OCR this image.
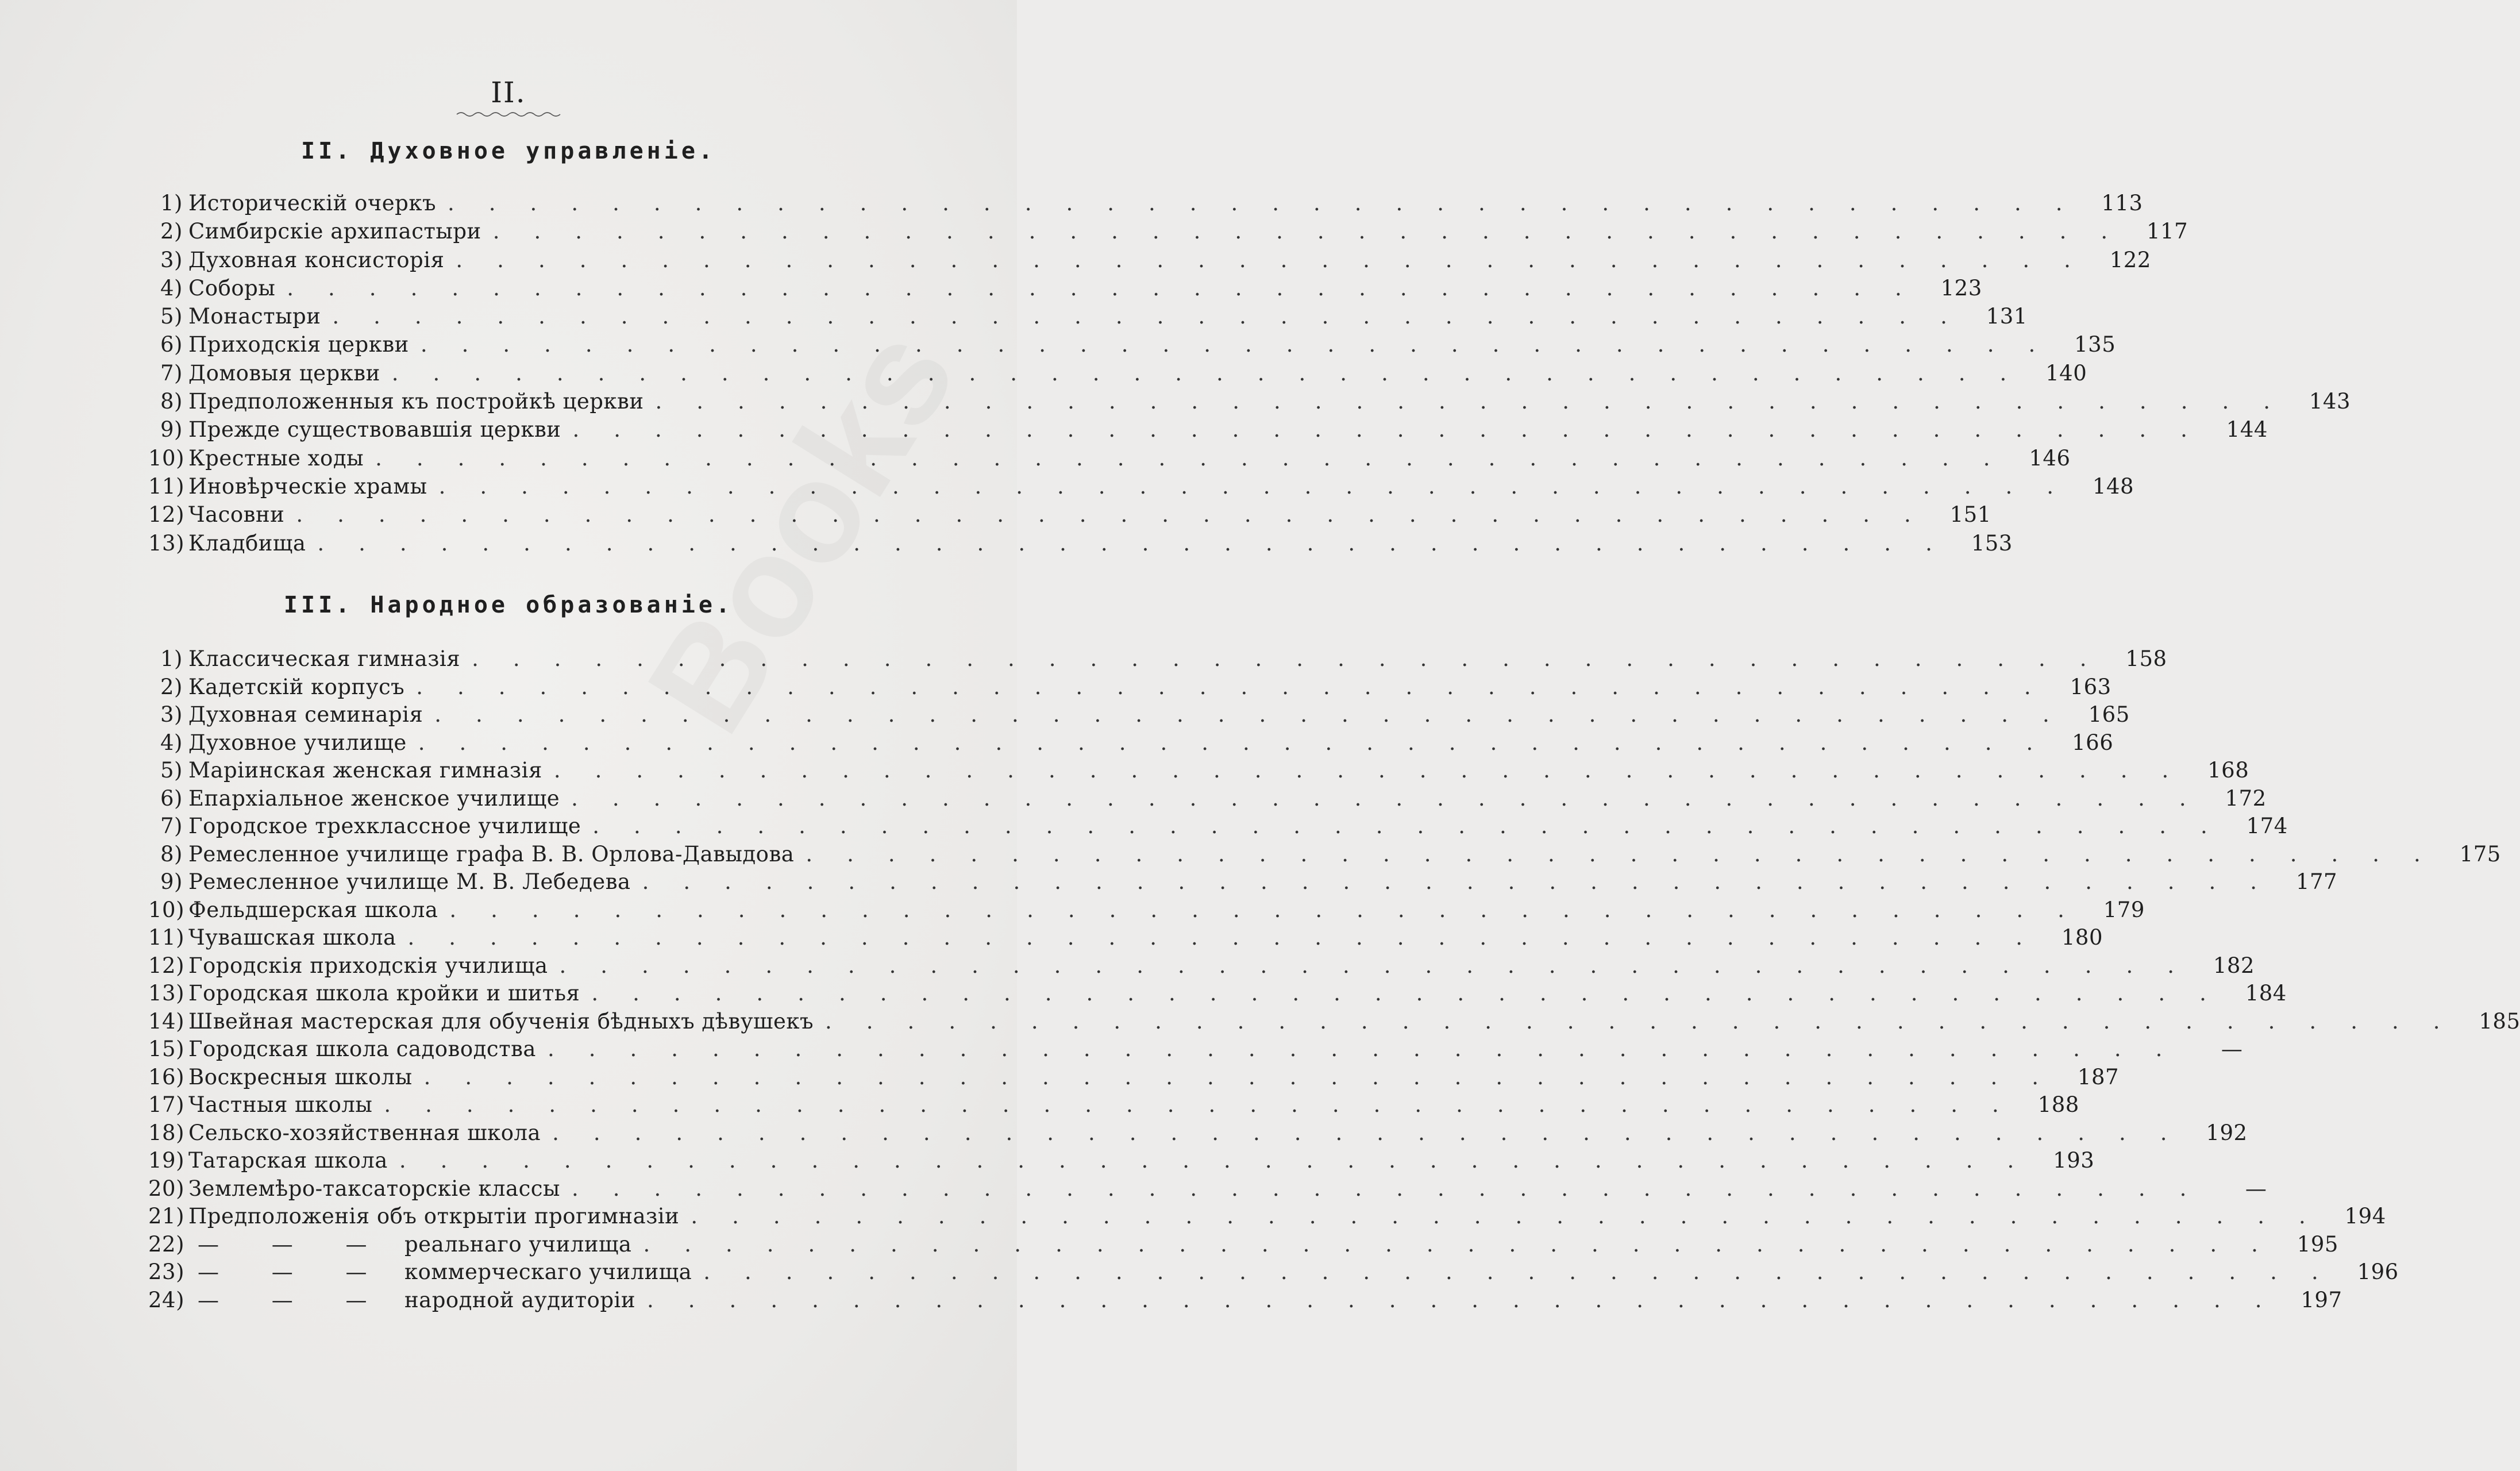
II.
II. Духовное управленіе.
1) Историческій очеркъ ........................................ 113
2) Симбирскіе архипастыри ........................................ 117
3) Духовная консисторія ........................................ 122
4) Соборы ........................................ 123
5) Монастыри ........................................ 131
6) Приходскія церкви ........................................ 135
7) Домовыя церкви ........................................ 140
8) Предположенныя къ постройкѣ церкви ........................................ 143
9) Прежде существовавшія церкви ........................................ 144
10) Крестные ходы ........................................ 146
11) Иновѣрческіе храмы ........................................ 148
12) Часовни ........................................ 151
13) Кладбища ........................................ 153
III. Народное образованіе.
1) Классическая гимназія ........................................ 158
2) Кадетскій корпусъ ........................................ 163
3) Духовная семинарія ........................................ 165
4) Духовное училище ........................................ 166
5) Маріинская женская гимназія ........................................ 168
6) Епархіальное женское училище ........................................ 172
7) Городское трехклассное училище ........................................ 174
8) Ремесленное училище графа В. В. Орлова-Давыдова ........................................ 175
9) Ремесленное училище М. В. Лебедева ........................................ 177
10) Фельдшерская школа ........................................ 179
11) Чувашская школа ........................................ 180
12) Городскія приходскія училища ........................................ 182
13) Городская школа кройки и шитья ........................................ 184
14) Швейная мастерская для обученія бѣдныхъ дѣвушекъ ........................................ 185
15) Городская школа садоводства ........................................	—
16) Воскресныя школы ........................................ 187
17) Частныя школы ........................................ 188
18) Сельско-хозяйственная школа ........................................ 192
19) Татарская школа ........................................ 193
20) Землемѣро-таксаторскіе классы ........................................	—
21) Предположенія объ открытіи прогимназіи ........................................ 194
22) — — — реальнаго училища ........................................ 195
23) — — — коммерческаго училища ........................................ 196
24) — — — народной аудиторіи ........................................ 197
